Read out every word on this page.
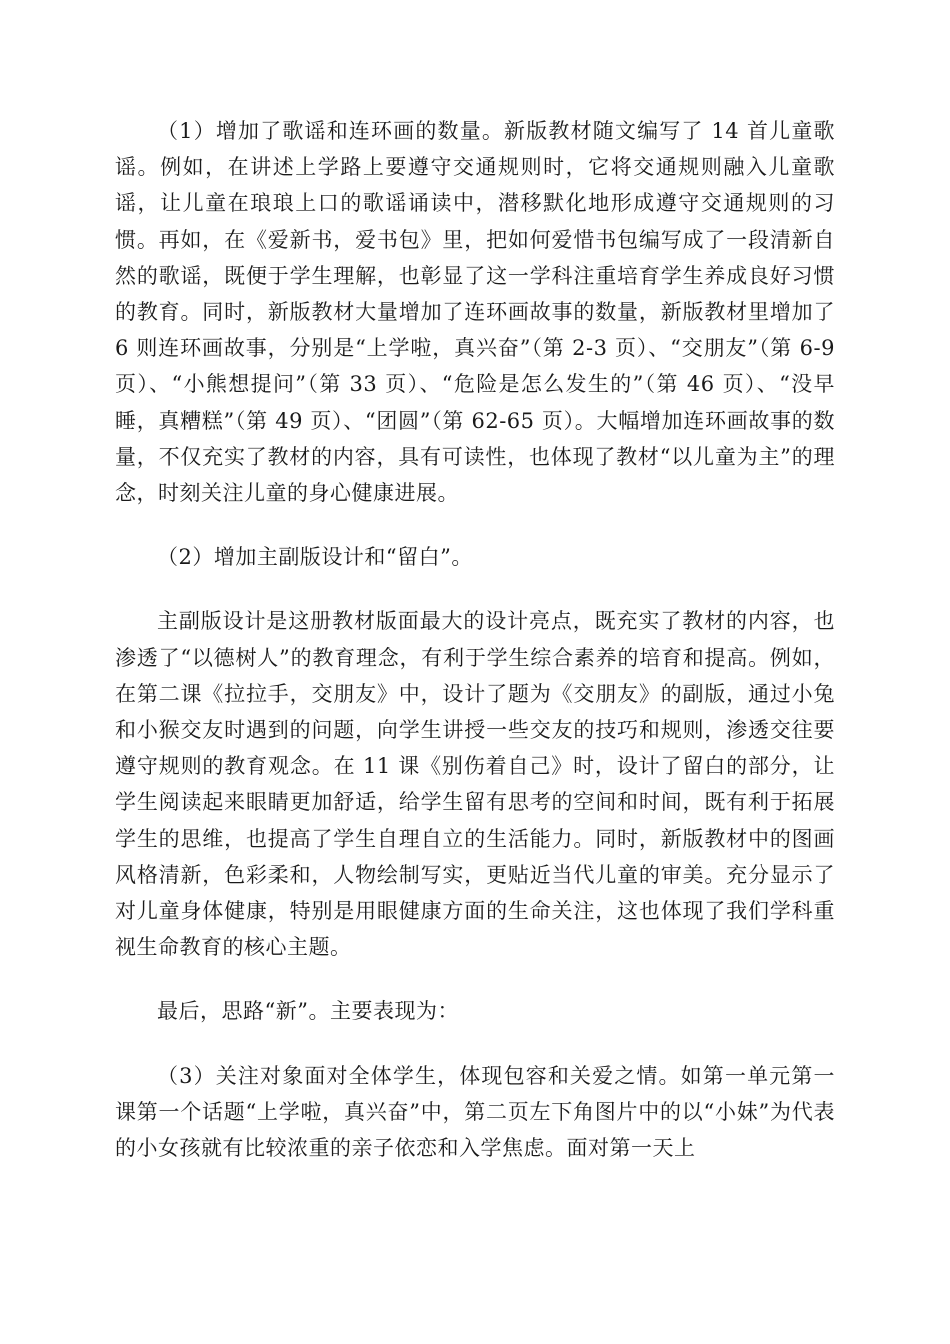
（1）增加了歌谣和连环画的数量。新版教材随文编写了 14 首儿童歌谣。例如，在讲述上学路上要遵守交通规则时，它将交通规则融入儿童歌谣，让儿童在琅琅上口的歌谣诵读中，潜移默化地形成遵守交通规则的习惯。再如，在《爱新书，爱书包》里，把如何爱惜书包编写成了一段清新自然的歌谣，既便于学生理解，也彰显了这一学科注重培育学生养成良好习惯的教育。同时，新版教材大量增加了连环画故事的数量，新版教材里增加了 6 则连环画故事，分别是“上学啦，真兴奋”（第 2-3 页）、“交朋友”（第 6-9 页）、“小熊想提问”（第 33 页）、“危险是怎么发生的”（第 46 页）、“没早睡，真糟糕”（第 49 页）、“团圆”（第 62-65 页）。大幅增加连环画故事的数量，不仅充实了教材的内容，具有可读性，也体现了教材“以儿童为主”的理念，时刻关注儿童的身心健康进展。

（2）增加主副版设计和“留白”。

主副版设计是这册教材版面最大的设计亮点，既充实了教材的内容，也渗透了“以德树人”的教育理念，有利于学生综合素养的培育和提高。例如，在第二课《拉拉手，交朋友》中，设计了题为《交朋友》的副版，通过小兔和小猴交友时遇到的问题，向学生讲授一些交友的技巧和规则，渗透交往要遵守规则的教育观念。在 11 课《别伤着自己》时，设计了留白的部分，让学生阅读起来眼睛更加舒适，给学生留有思考的空间和时间，既有利于拓展学生的思维，也提高了学生自理自立的生活能力。同时，新版教材中的图画风格清新，色彩柔和，人物绘制写实，更贴近当代儿童的审美。充分显示了对儿童身体健康，特别是用眼健康方面的生命关注，这也体现了我们学科重视生命教育的核心主题。

最后，思路“新”。主要表现为：

（3）关注对象面对全体学生，体现包容和关爱之情。如第一单元第一课第一个话题“上学啦，真兴奋”中，第二页左下角图片中的以“小妹”为代表的小女孩就有比较浓重的亲子依恋和入学焦虑。面对第一天上
